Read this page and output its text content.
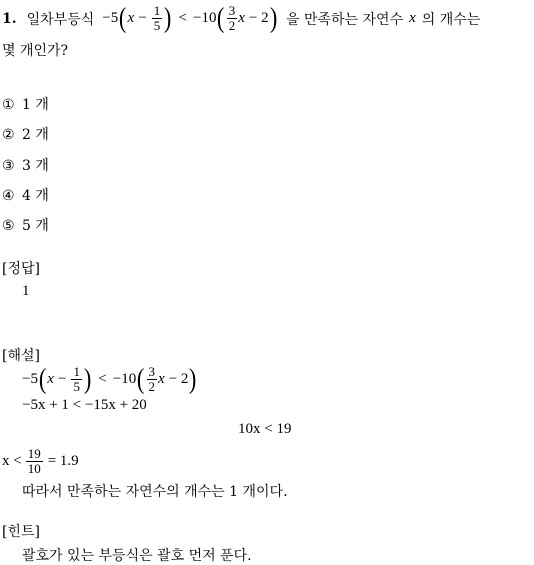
1. 일차부등식 −5 ( $x - \frac{1}{5}$ ) < −10 ( $\frac{3}{2}$ x − 2 ) 을 만족하는 자연수 x 의 개수는
몇 개인가?
① 1 개
② 2 개
③ 3 개
④ 4 개
⑤ 5 개
[정답]
1
[해설]
−5 ( $x - \frac{1}{5}$ ) < −10 ( $\frac{3}{2}$ x − 2 )
−5x + 1 < −15x + 20
10x < 19
$x < \frac{19}{10} = 1.9$
따라서 만족하는 자연수의 개수는 1 개이다.
[힌트]
괄호가 있는 부등식은 괄호 먼저 푼다.
